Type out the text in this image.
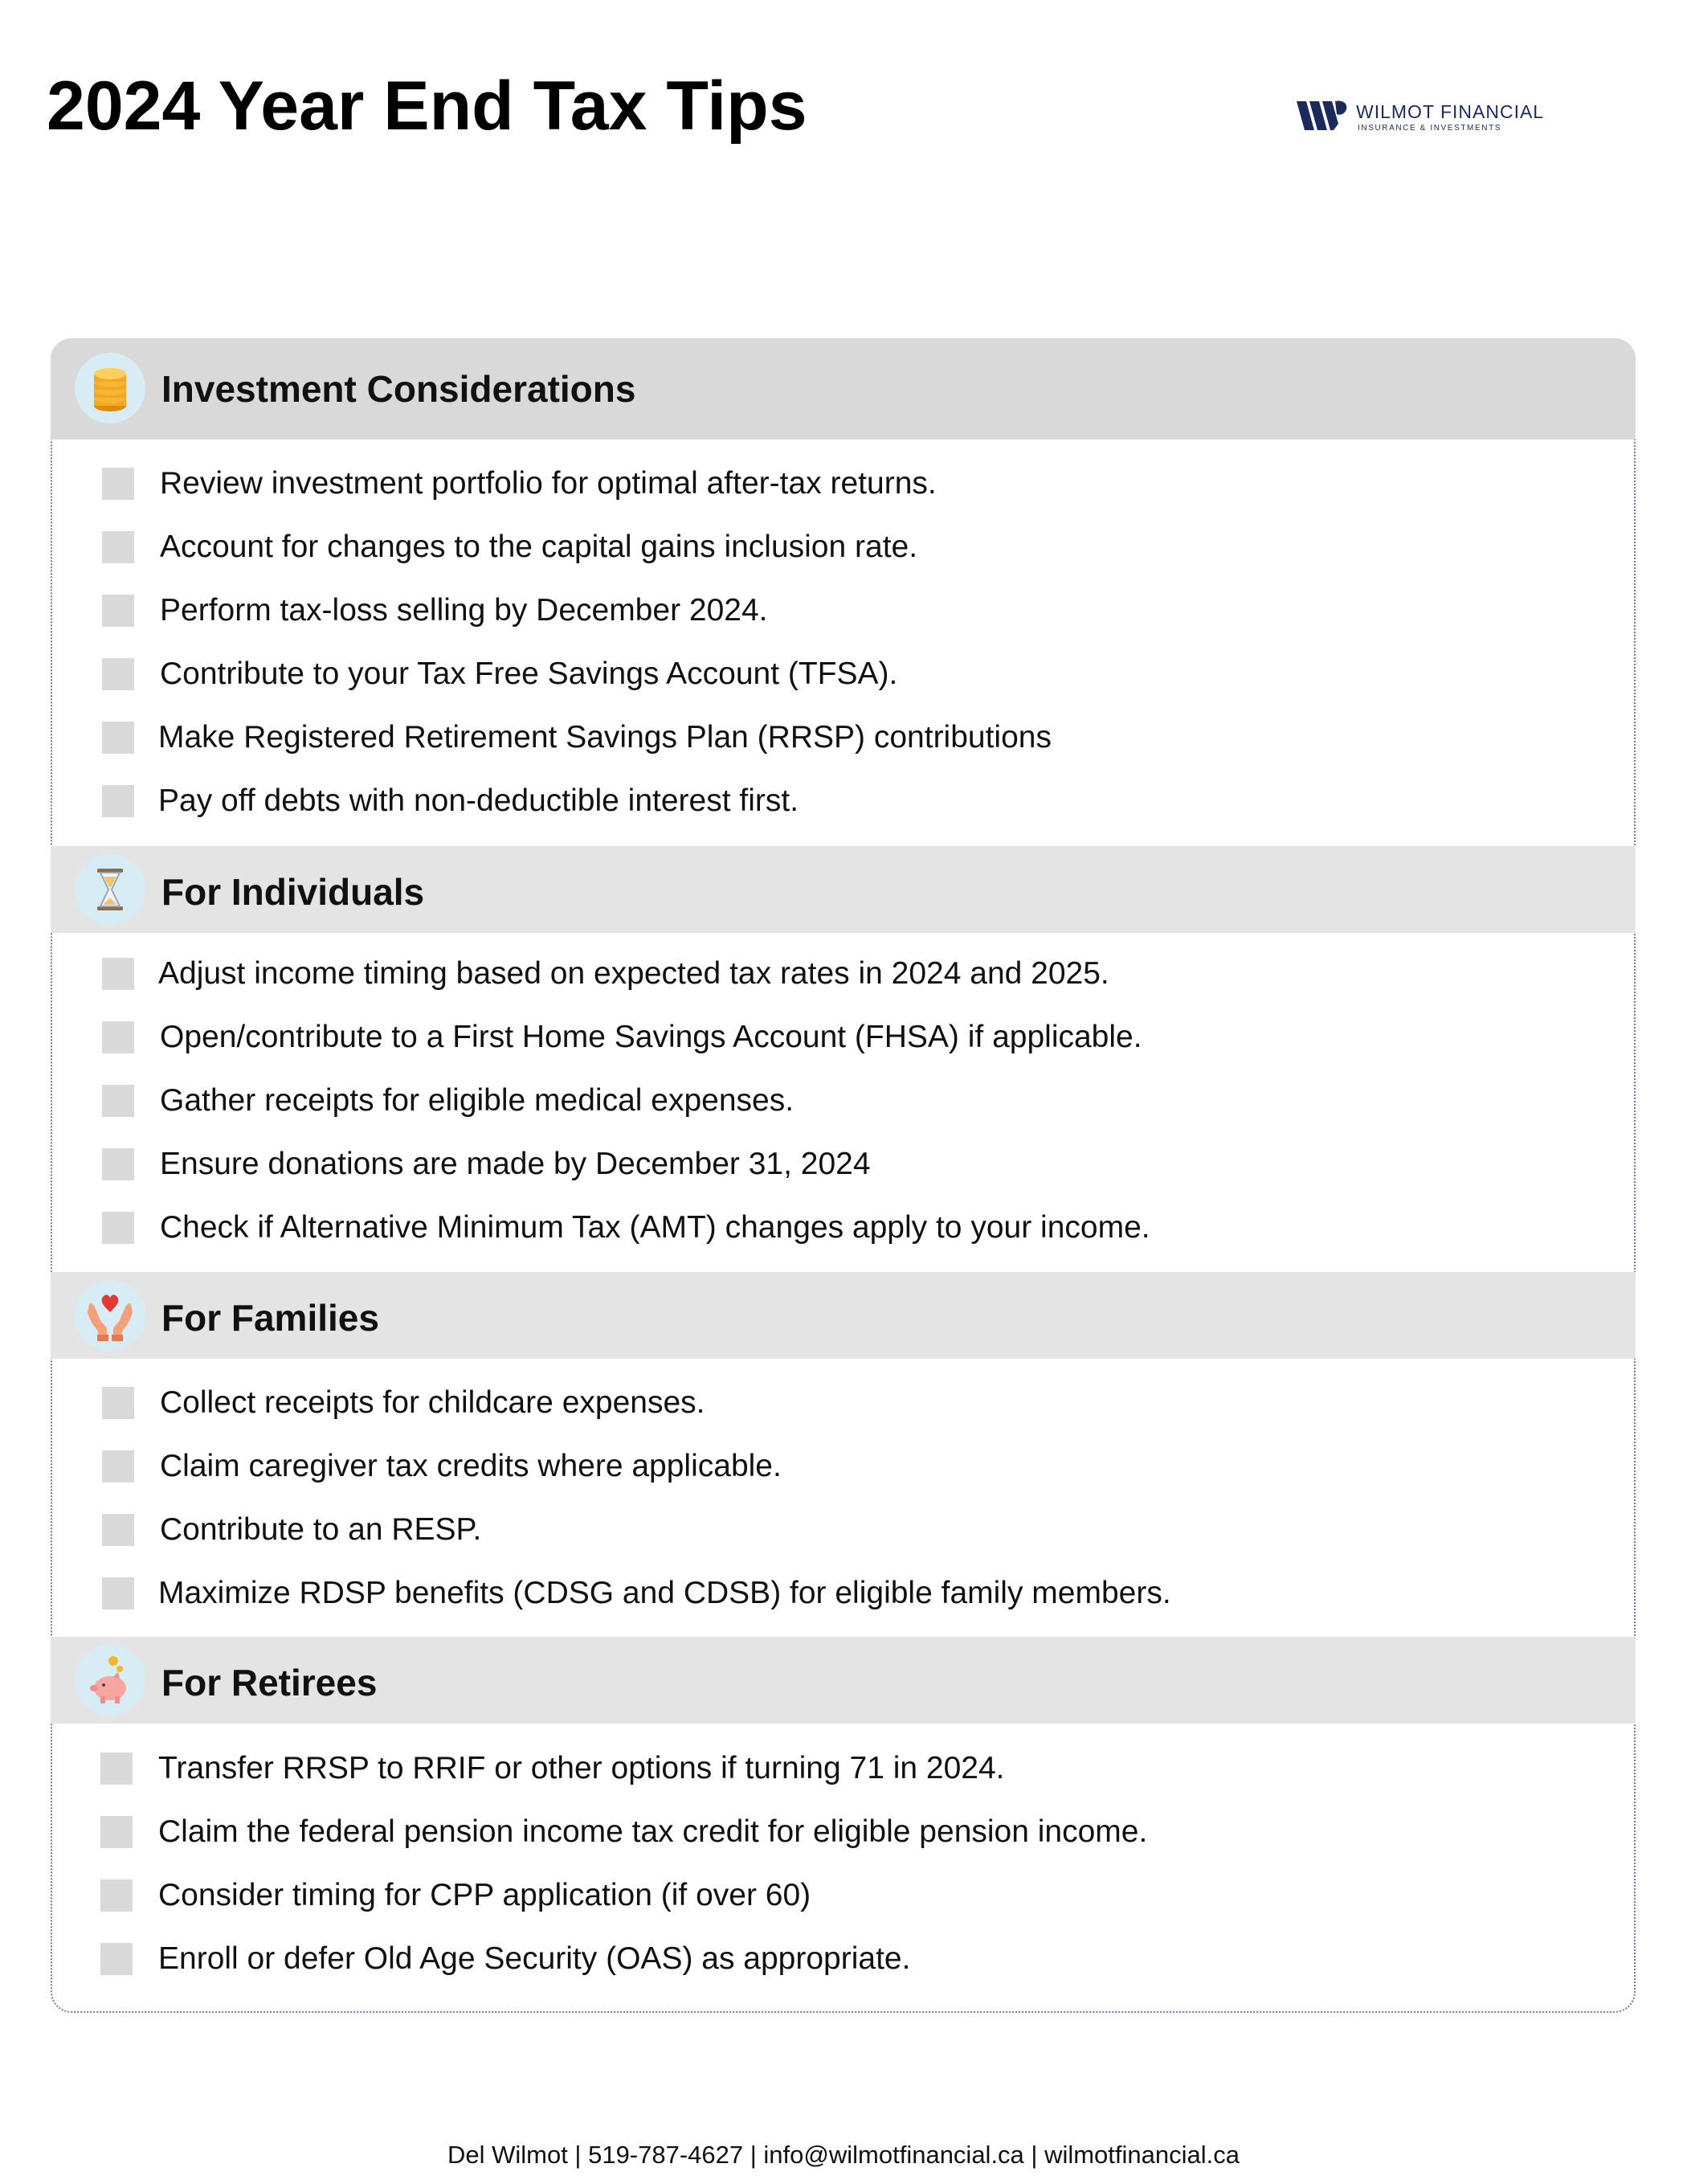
2024 Year End Tax Tips	WILMOT FINANCIAL
INSURANCE & INVESTMENTS
Investment Considerations
Review investment portfolio for optimal after-tax returns.
Account for changes to the capital gains inclusion rate.
Perform tax-loss selling by December 2024.
Contribute to your Tax Free Savings Account (TFSA).
Make Registered Retirement Savings Plan (RRSP) contributions
Pay off debts with non-deductible interest first.
For Individuals
Adjust income timing based on expected tax rates in 2024 and 2025.
Open/contribute to a First Home Savings Account (FHSA) if applicable.
Gather receipts for eligible medical expenses.
Ensure donations are made by December 31, 2024
Check if Alternative Minimum Tax (AMT) changes apply to your income.
For Families
Collect receipts for childcare expenses.
Claim caregiver tax credits where applicable.
Contribute to an RESP.
Maximize RDSP benefits (CDSG and CDSB) for eligible family members.
For Retirees
Transfer RRSP to RRIF or other options if turning 71 in 2024.
Claim the federal pension income tax credit for eligible pension income.
Consider timing for CPP application (if over 60)
Enroll or defer Old Age Security (OAS) as appropriate.
Del Wilmot | 519-787-4627 | info@wilmotfinancial.ca | wilmotfinancial.ca
